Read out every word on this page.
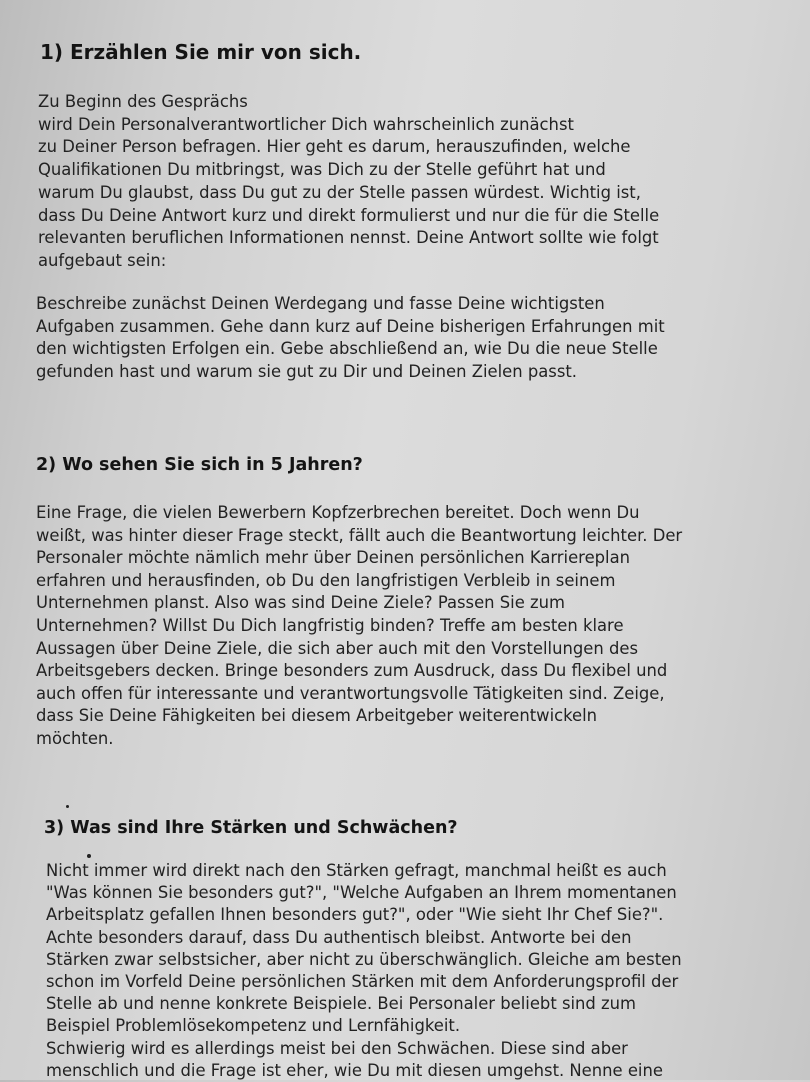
1) Erzählen Sie mir von sich.

Zu Beginn des Gesprächs
wird Dein Personalverantwortlicher Dich wahrscheinlich zunächst
zu Deiner Person befragen. Hier geht es darum, herauszufinden, welche
Qualifikationen Du mitbringst, was Dich zu der Stelle geführt hat und
warum Du glaubst, dass Du gut zu der Stelle passen würdest. Wichtig ist,
dass Du Deine Antwort kurz und direkt formulierst und nur die für die Stelle
relevanten beruflichen Informationen nennst. Deine Antwort sollte wie folgt
aufgebaut sein:

Beschreibe zunächst Deinen Werdegang und fasse Deine wichtigsten
Aufgaben zusammen. Gehe dann kurz auf Deine bisherigen Erfahrungen mit
den wichtigsten Erfolgen ein. Gebe abschließend an, wie Du die neue Stelle
gefunden hast und warum sie gut zu Dir und Deinen Zielen passt.

2) Wo sehen Sie sich in 5 Jahren?

Eine Frage, die vielen Bewerbern Kopfzerbrechen bereitet. Doch wenn Du
weißt, was hinter dieser Frage steckt, fällt auch die Beantwortung leichter. Der
Personaler möchte nämlich mehr über Deinen persönlichen Karriereplan
erfahren und herausfinden, ob Du den langfristigen Verbleib in seinem
Unternehmen planst. Also was sind Deine Ziele? Passen Sie zum
Unternehmen? Willst Du Dich langfristig binden? Treffe am besten klare
Aussagen über Deine Ziele, die sich aber auch mit den Vorstellungen des
Arbeitsgebers decken. Bringe besonders zum Ausdruck, dass Du flexibel und
auch offen für interessante und verantwortungsvolle Tätigkeiten sind. Zeige,
dass Sie Deine Fähigkeiten bei diesem Arbeitgeber weiterentwickeln
möchten.

3) Was sind Ihre Stärken und Schwächen?

Nicht immer wird direkt nach den Stärken gefragt, manchmal heißt es auch
"Was können Sie besonders gut?", "Welche Aufgaben an Ihrem momentanen
Arbeitsplatz gefallen Ihnen besonders gut?", oder "Wie sieht Ihr Chef Sie?".
Achte besonders darauf, dass Du authentisch bleibst. Antworte bei den
Stärken zwar selbstsicher, aber nicht zu überschwänglich. Gleiche am besten
schon im Vorfeld Deine persönlichen Stärken mit dem Anforderungsprofil der
Stelle ab und nenne konkrete Beispiele. Bei Personaler beliebt sind zum
Beispiel Problemlösekompetenz und Lernfähigkeit.
Schwierig wird es allerdings meist bei den Schwächen. Diese sind aber
menschlich und die Frage ist eher, wie Du mit diesen umgehst. Nenne eine
